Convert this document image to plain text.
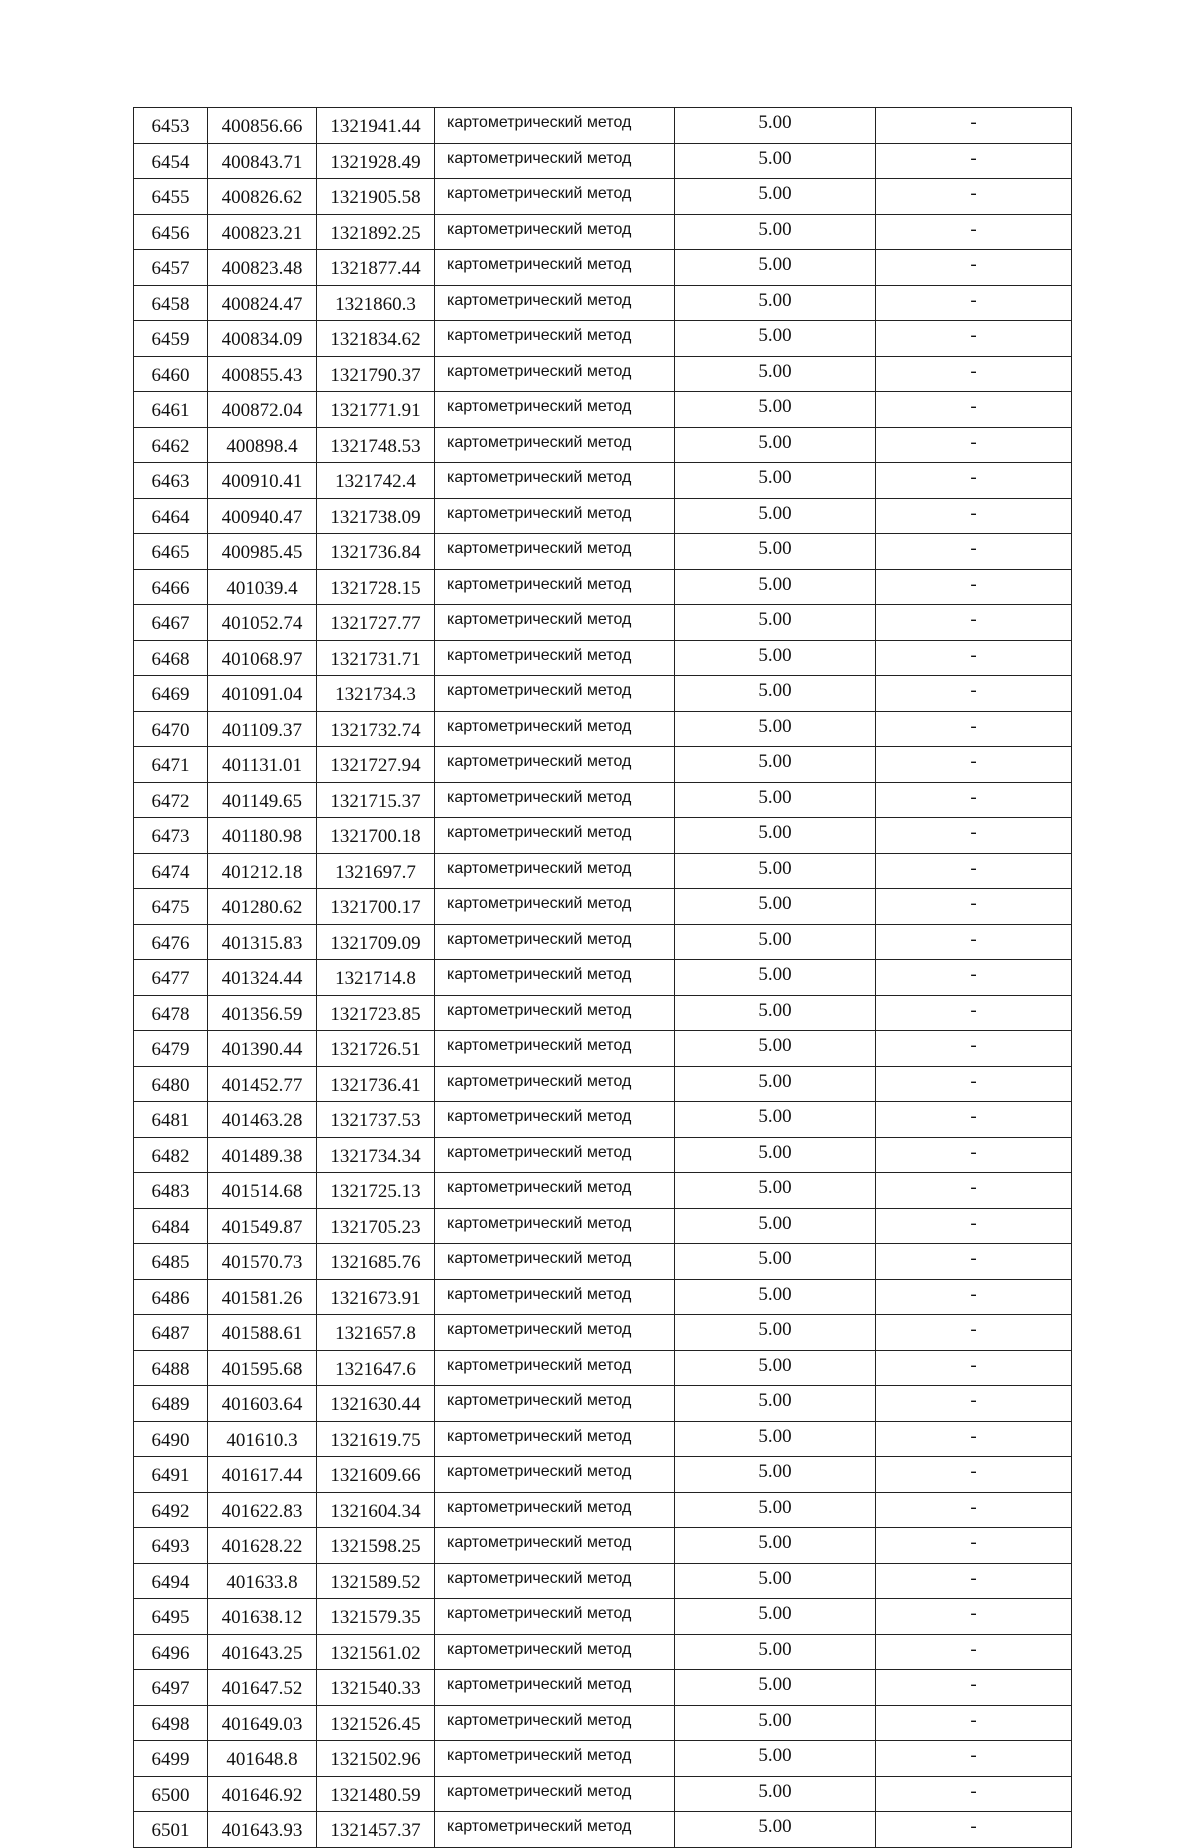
6453	400856.66	1321941.44	картометрический метод	5.00	-
6454	400843.71	1321928.49	картометрический метод	5.00	-
6455	400826.62	1321905.58	картометрический метод	5.00	-
6456	400823.21	1321892.25	картометрический метод	5.00	-
6457	400823.48	1321877.44	картометрический метод	5.00	-
6458	400824.47	1321860.3	картометрический метод	5.00	-
6459	400834.09	1321834.62	картометрический метод	5.00	-
6460	400855.43	1321790.37	картометрический метод	5.00	-
6461	400872.04	1321771.91	картометрический метод	5.00	-
6462	400898.4	1321748.53	картометрический метод	5.00	-
6463	400910.41	1321742.4	картометрический метод	5.00	-
6464	400940.47	1321738.09	картометрический метод	5.00	-
6465	400985.45	1321736.84	картометрический метод	5.00	-
6466	401039.4	1321728.15	картометрический метод	5.00	-
6467	401052.74	1321727.77	картометрический метод	5.00	-
6468	401068.97	1321731.71	картометрический метод	5.00	-
6469	401091.04	1321734.3	картометрический метод	5.00	-
6470	401109.37	1321732.74	картометрический метод	5.00	-
6471	401131.01	1321727.94	картометрический метод	5.00	-
6472	401149.65	1321715.37	картометрический метод	5.00	-
6473	401180.98	1321700.18	картометрический метод	5.00	-
6474	401212.18	1321697.7	картометрический метод	5.00	-
6475	401280.62	1321700.17	картометрический метод	5.00	-
6476	401315.83	1321709.09	картометрический метод	5.00	-
6477	401324.44	1321714.8	картометрический метод	5.00	-
6478	401356.59	1321723.85	картометрический метод	5.00	-
6479	401390.44	1321726.51	картометрический метод	5.00	-
6480	401452.77	1321736.41	картометрический метод	5.00	-
6481	401463.28	1321737.53	картометрический метод	5.00	-
6482	401489.38	1321734.34	картометрический метод	5.00	-
6483	401514.68	1321725.13	картометрический метод	5.00	-
6484	401549.87	1321705.23	картометрический метод	5.00	-
6485	401570.73	1321685.76	картометрический метод	5.00	-
6486	401581.26	1321673.91	картометрический метод	5.00	-
6487	401588.61	1321657.8	картометрический метод	5.00	-
6488	401595.68	1321647.6	картометрический метод	5.00	-
6489	401603.64	1321630.44	картометрический метод	5.00	-
6490	401610.3	1321619.75	картометрический метод	5.00	-
6491	401617.44	1321609.66	картометрический метод	5.00	-
6492	401622.83	1321604.34	картометрический метод	5.00	-
6493	401628.22	1321598.25	картометрический метод	5.00	-
6494	401633.8	1321589.52	картометрический метод	5.00	-
6495	401638.12	1321579.35	картометрический метод	5.00	-
6496	401643.25	1321561.02	картометрический метод	5.00	-
6497	401647.52	1321540.33	картометрический метод	5.00	-
6498	401649.03	1321526.45	картометрический метод	5.00	-
6499	401648.8	1321502.96	картометрический метод	5.00	-
6500	401646.92	1321480.59	картометрический метод	5.00	-
6501	401643.93	1321457.37	картометрический метод	5.00	-
